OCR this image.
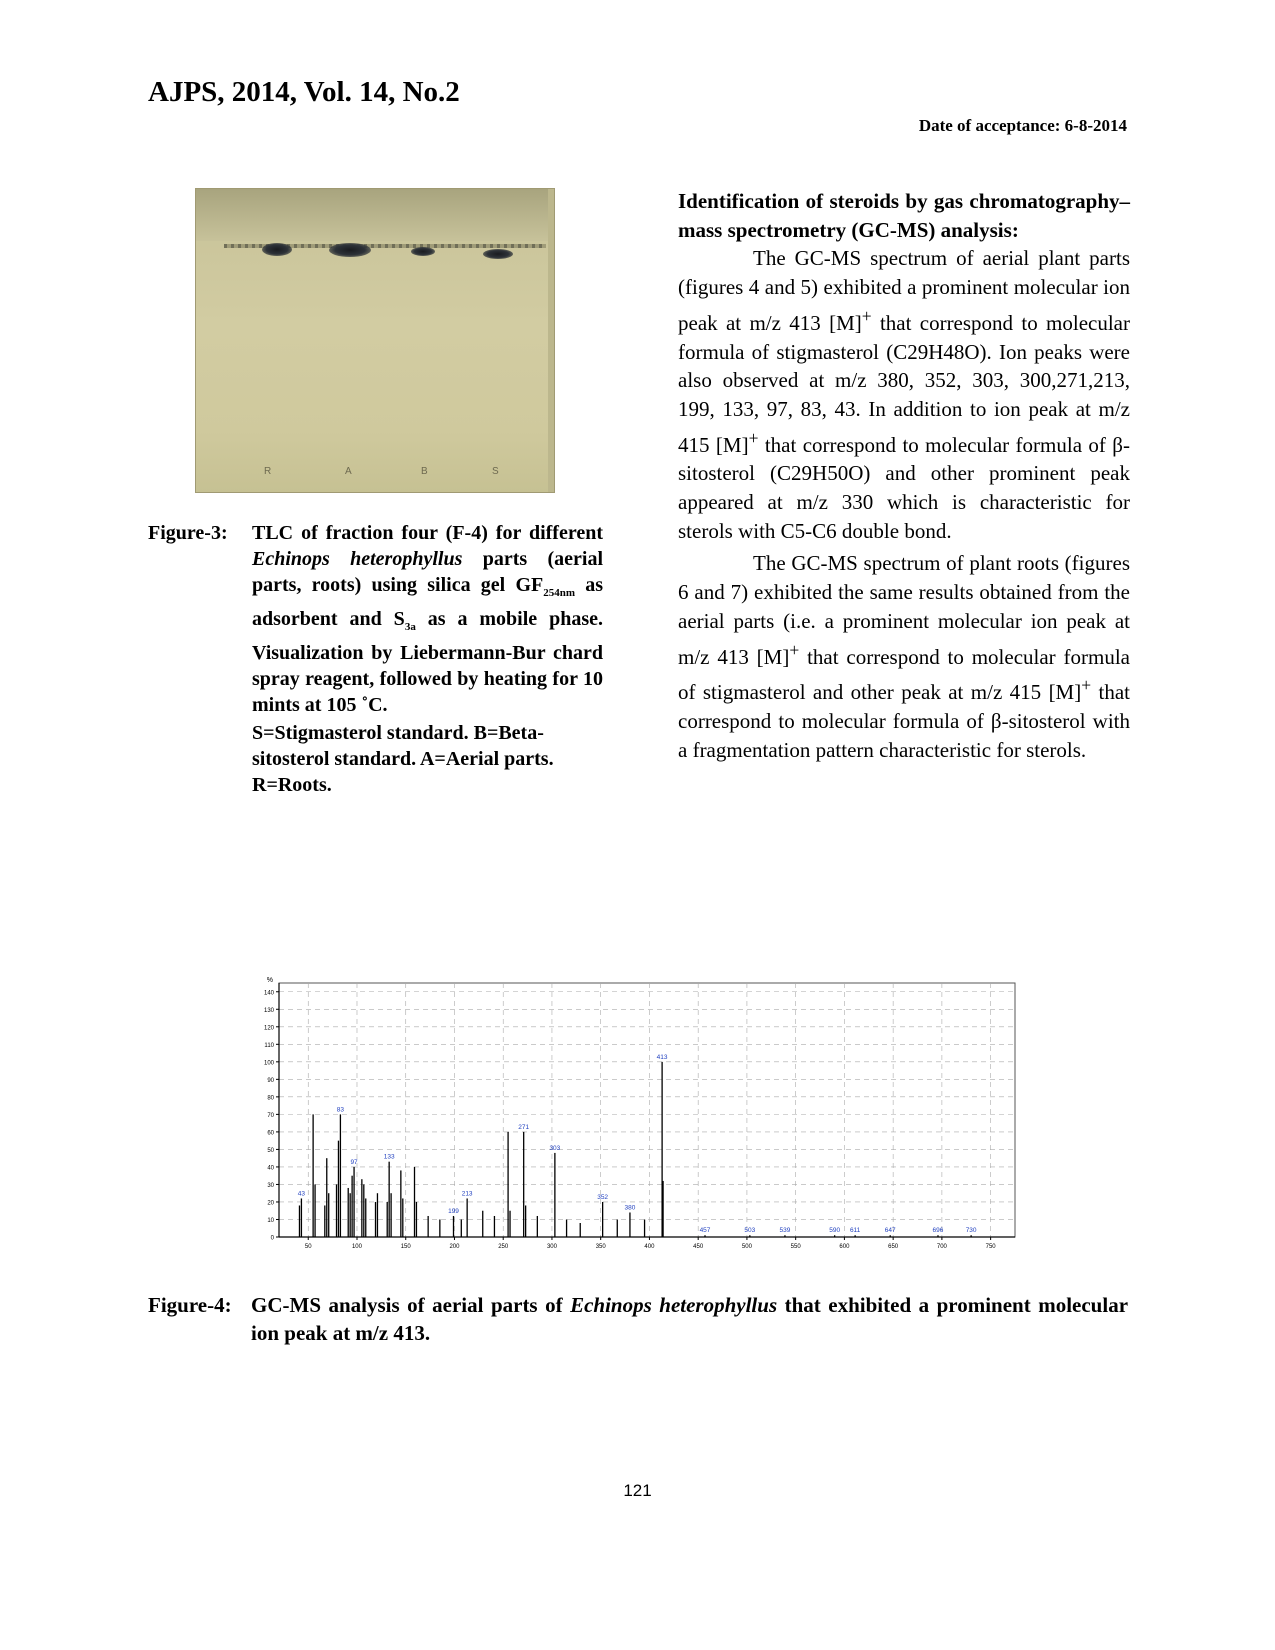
AJPS, 2014, Vol. 14, No.2
Date of acceptance: 6-8-2014
R	A	B	S
Figure-3: TLC of fraction four (F-4) for different Echinops heterophyllus parts (aerial parts, roots) using silica gel $GF_{254nm}$ as adsorbent and $S_{3a}$ as a mobile phase. Visualization by Liebermann-Bur chard spray reagent, followed by heating for 10 mints at 105 ˚C.

S=Stigmasterol standard. B=Beta-sitosterol standard. A=Aerial parts. R=Roots.

Identification of steroids by gas chromatography–mass spectrometry (GC-MS) analysis:

The GC-MS spectrum of aerial plant parts (figures 4 and 5) exhibited a prominent molecular ion peak at m/z 413 [M]+ that correspond to molecular formula of stigmasterol (C29H48O). Ion peaks were also observed at m/z 380, 352, 303, 300,271,213, 199, 133, 97, 83, 43. In addition to ion peak at m/z 415 [M]+ that correspond to molecular formula of β-sitosterol (C29H50O) and other prominent peak appeared at m/z 330 which is characteristic for sterols with C5-C6 double bond.

The GC-MS spectrum of plant roots (figures 6 and 7) exhibited the same results obtained from the aerial parts (i.e. a prominent molecular ion peak at m/z 413 [M]+ that correspond to molecular formula of stigmasterol and other peak at m/z 415 [M]+ that correspond to molecular formula of β-sitosterol with a fragmentation pattern characteristic for sterols.

0
10
20
30
40
50
60
70
80
90
100
110
120
130
140
%
50	100	150	200	250	300	350	400	450	500	550	600	650	700	750
43
83
97
133
199
213
271
303
352
380
413
457	503	539	590 611	647	696	730
Figure-4: GC-MS analysis of aerial parts of Echinops heterophyllus that exhibited a prominent molecular ion peak at m/z 413.
121
